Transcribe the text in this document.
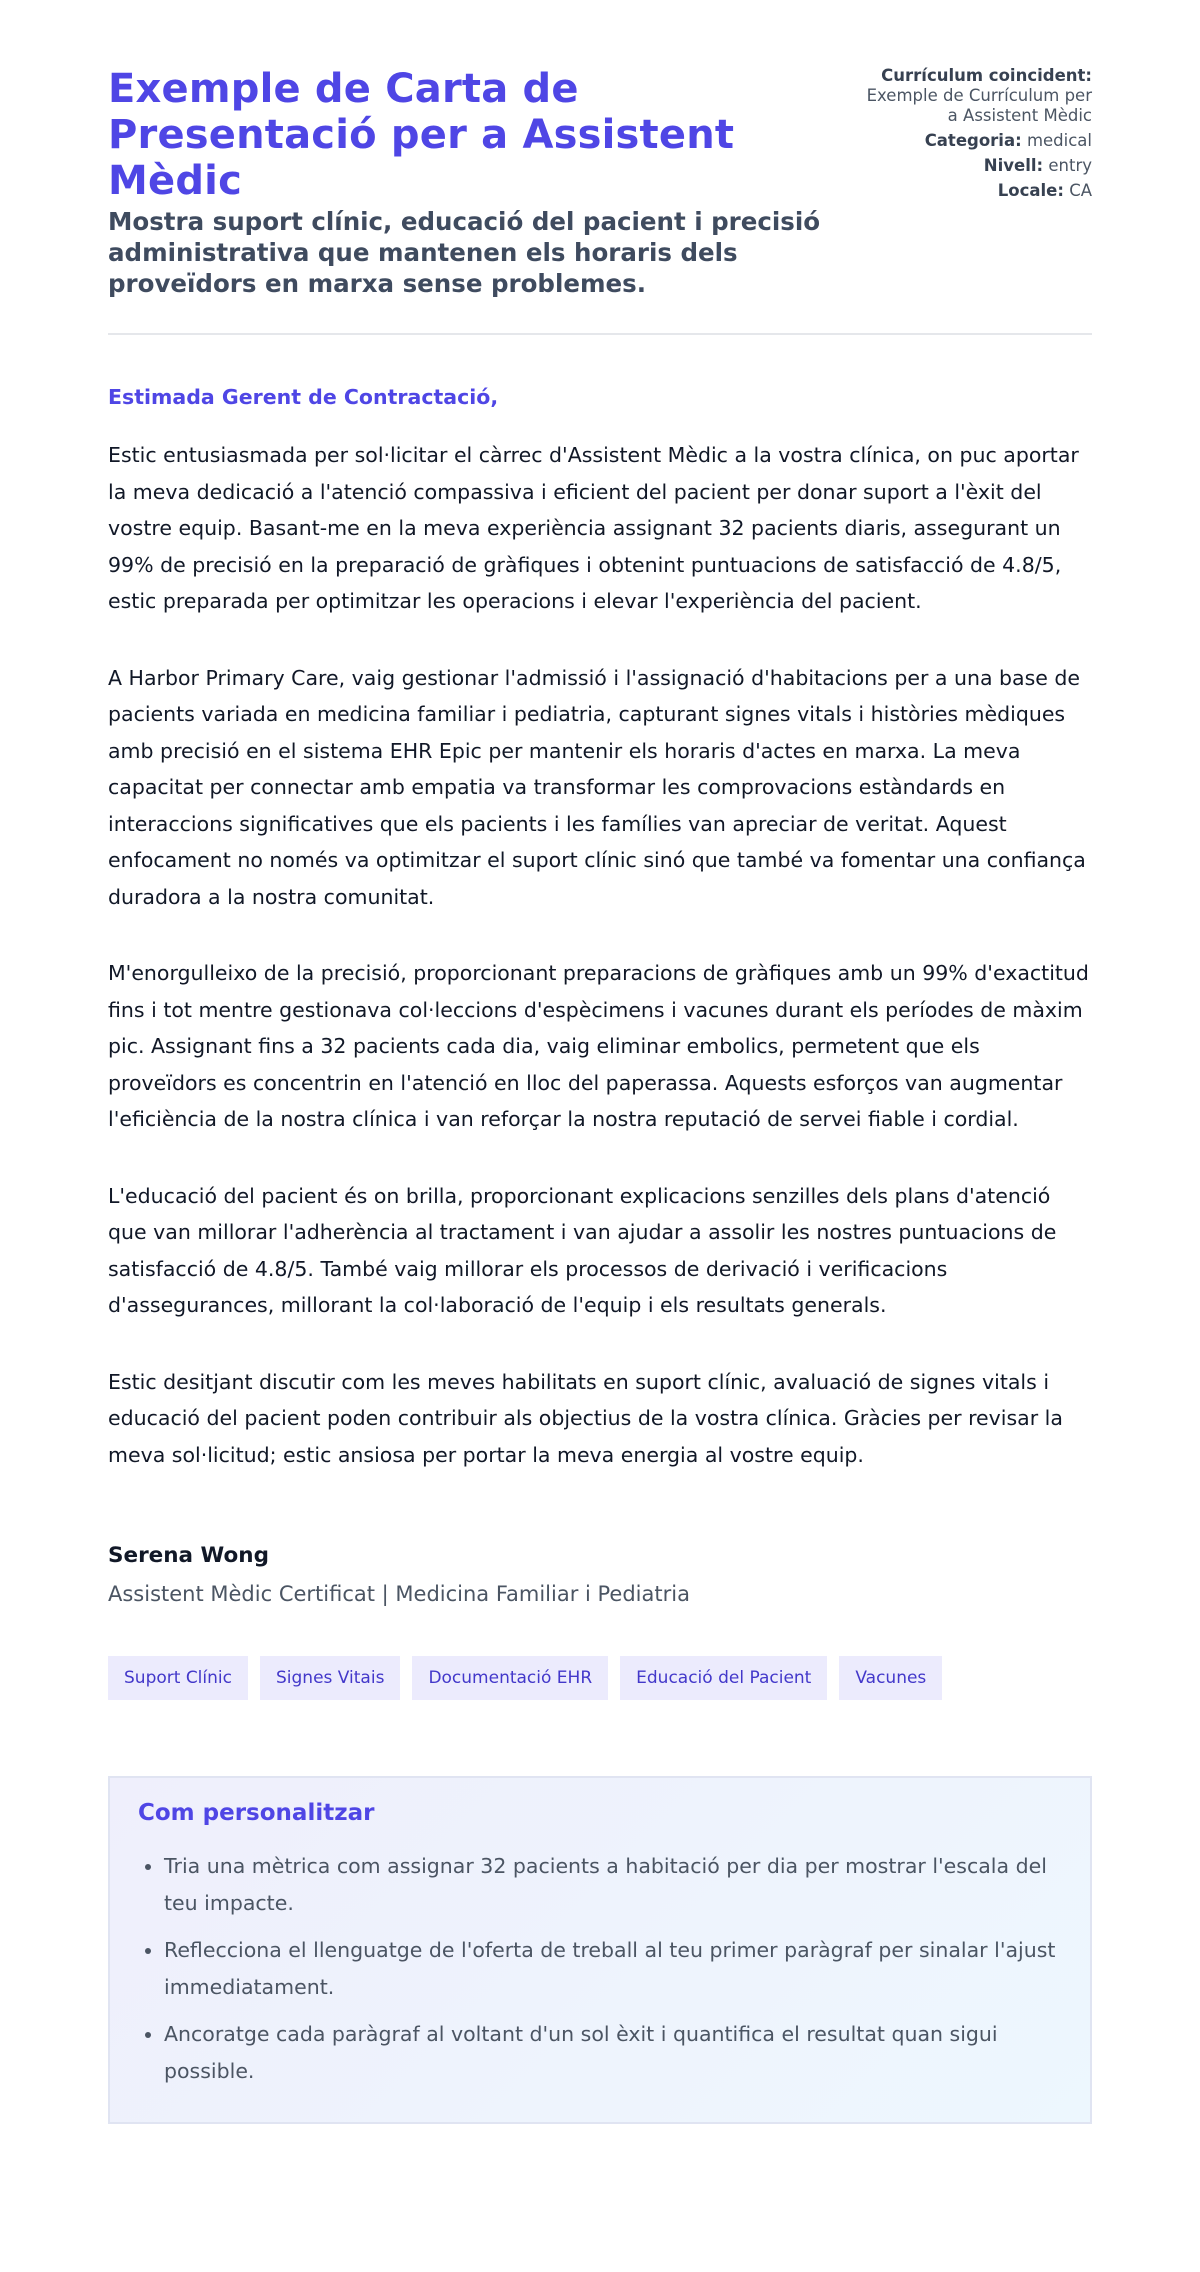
Exemple de Carta de Presentació per a Assistent Mèdic

Mostra suport clínic, educació del pacient i precisió administrativa que mantenen els horaris dels proveïdors en marxa sense problemes.

Currículum coincident:
Exemple de Currículum per a Assistent Mèdic
Categoria: medical
Nivell: entry
Locale: CA

Estimada Gerent de Contractació,

Estic entusiasmada per sol·licitar el càrrec d'Assistent Mèdic a la vostra clínica, on puc aportar la meva dedicació a l'atenció compassiva i eficient del pacient per donar suport a l'èxit del vostre equip. Basant-me en la meva experiència assignant 32 pacients diaris, assegurant un 99% de precisió en la preparació de gràfiques i obtenint puntuacions de satisfacció de 4.8/5, estic preparada per optimitzar les operacions i elevar l'experiència del pacient.

A Harbor Primary Care, vaig gestionar l'admissió i l'assignació d'habitacions per a una base de pacients variada en medicina familiar i pediatria, capturant signes vitals i històries mèdiques amb precisió en el sistema EHR Epic per mantenir els horaris d'actes en marxa. La meva capacitat per connectar amb empatia va transformar les comprovacions estàndards en interaccions significatives que els pacients i les famílies van apreciar de veritat. Aquest enfocament no només va optimitzar el suport clínic sinó que també va fomentar una confiança duradora a la nostra comunitat.

M'enorgulleixo de la precisió, proporcionant preparacions de gràfiques amb un 99% d'exactitud fins i tot mentre gestionava col·leccions d'espècimens i vacunes durant els períodes de màxim pic. Assignant fins a 32 pacients cada dia, vaig eliminar embolics, permetent que els proveïdors es concentrin en l'atenció en lloc del paperassa. Aquests esforços van augmentar l'eficiència de la nostra clínica i van reforçar la nostra reputació de servei fiable i cordial.

L'educació del pacient és on brilla, proporcionant explicacions senzilles dels plans d'atenció que van millorar l'adherència al tractament i van ajudar a assolir les nostres puntuacions de satisfacció de 4.8/5. També vaig millorar els processos de derivació i verificacions d'assegurances, millorant la col·laboració de l'equip i els resultats generals.

Estic desitjant discutir com les meves habilitats en suport clínic, avaluació de signes vitals i educació del pacient poden contribuir als objectius de la vostra clínica. Gràcies per revisar la meva sol·licitud; estic ansiosa per portar la meva energia al vostre equip.

Serena Wong

Assistent Mèdic Certificat | Medicina Familiar i Pediatria

Suport Clínic	Signes Vitais	Documentació EHR	Educació del Pacient	Vacunes
Com personalitzar
• Tria una mètrica com assignar 32 pacients a habitació per dia per mostrar l'escala del teu impacte.
• Reflecciona el llenguatge de l'oferta de treball al teu primer paràgraf per sinalar l'ajust immediatament.
• Ancoratge cada paràgraf al voltant d'un sol èxit i quantifica el resultat quan sigui possible.
